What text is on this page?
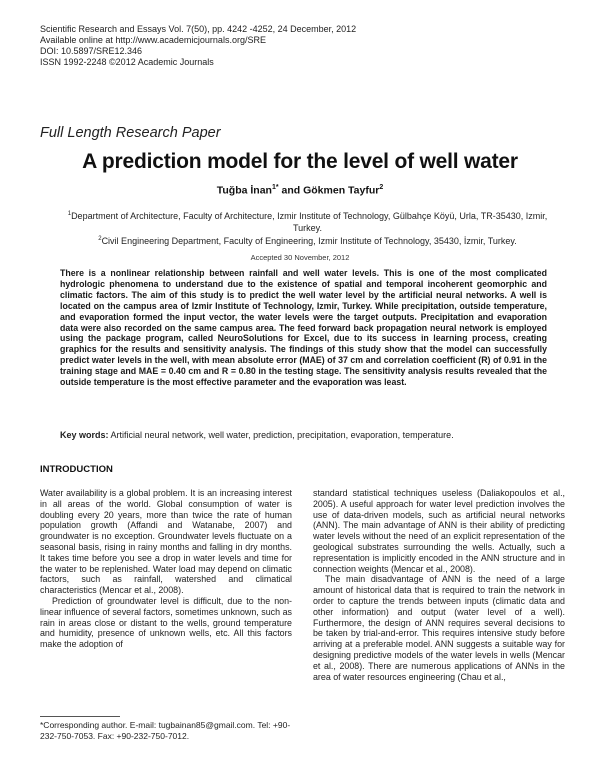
Scientific Research and Essays Vol. 7(50), pp. 4242 -4252, 24 December, 2012
Available online at http://www.academicjournals.org/SRE
DOI: 10.5897/SRE12.346
ISSN 1992-2248 ©2012 Academic Journals
Full Length Research Paper
A prediction model for the level of well water
Tuğba İnan$^{1*}$ and Gökmen Tayfur$^2$
$^1$Department of Architecture, Faculty of Architecture, Izmir Institute of Technology, Gülbahçe Köyü, Urla, TR-35430, Izmir, Turkey.
$^2$Civil Engineering Department, Faculty of Engineering, Izmir Institute of Technology, 35430, İzmir, Turkey.
Accepted 30 November, 2012
There is a nonlinear relationship between rainfall and well water levels. This is one of the most complicated hydrologic phenomena to understand due to the existence of spatial and temporal incoherent geomorphic and climatic factors. The aim of this study is to predict the well water level by the artificial neural networks. A well is located on the campus area of Izmir Institute of Technology, Izmir, Turkey. While precipitation, outside temperature, and evaporation formed the input vector, the water levels were the target outputs. Precipitation and evaporation data were also recorded on the same campus area. The feed forward back propagation neural network is employed using the package program, called NeuroSolutions for Excel, due to its success in learning process, creating graphics for the results and sensitivity analysis. The findings of this study show that the model can successfully predict water levels in the well, with mean absolute error (MAE) of 37 cm and correlation coefficient (R) of 0.91 in the training stage and MAE = 0.40 cm and R = 0.80 in the testing stage. The sensitivity analysis results revealed that the outside temperature is the most effective parameter and the evaporation was least.
Key words: Artificial neural network, well water, prediction, precipitation, evaporation, temperature.
INTRODUCTION

Water availability is a global problem. It is an increasing interest in all areas of the world. Global consumption of water is doubling every 20 years, more than twice the rate of human population growth (Affandi and Watanabe, 2007) and groundwater is no exception. Groundwater levels fluctuate on a seasonal basis, rising in rainy months and falling in dry months. It takes time before you see a drop in water levels and time for the water to be replenished. Water load may depend on climatic factors, such as rainfall, watershed and climatical characteristics (Mencar et al., 2008).

Prediction of groundwater level is difficult, due to the non-linear influence of several factors, sometimes unknown, such as rain in areas close or distant to the wells, ground temperature and humidity, presence of unknown wells, etc. All this factors make the adoption of

standard statistical techniques useless (Daliakopoulos et al., 2005). A useful approach for water level prediction involves the use of data-driven models, such as artificial neural networks (ANN). The main advantage of ANN is their ability of predicting water levels without the need of an explicit representation of the geological substrates surrounding the wells. Actually, such a representation is implicitly encoded in the ANN structure and in connection weights (Mencar et al., 2008).

The main disadvantage of ANN is the need of a large amount of historical data that is required to train the network in order to capture the trends between inputs (climatic data and other information) and output (water level of a well). Furthermore, the design of ANN requires several decisions to be taken by trial-and-error. This requires intensive study before arriving at a preferable model. ANN suggests a suitable way for designing predictive models of the water levels in wells (Mencar et al., 2008). There are numerous applications of ANNs in the area of water resources engineering (Chau et al.,

*Corresponding author. E-mail: tugbainan85@gmail.com. Tel: +90-232-750-7053. Fax: +90-232-750-7012.
